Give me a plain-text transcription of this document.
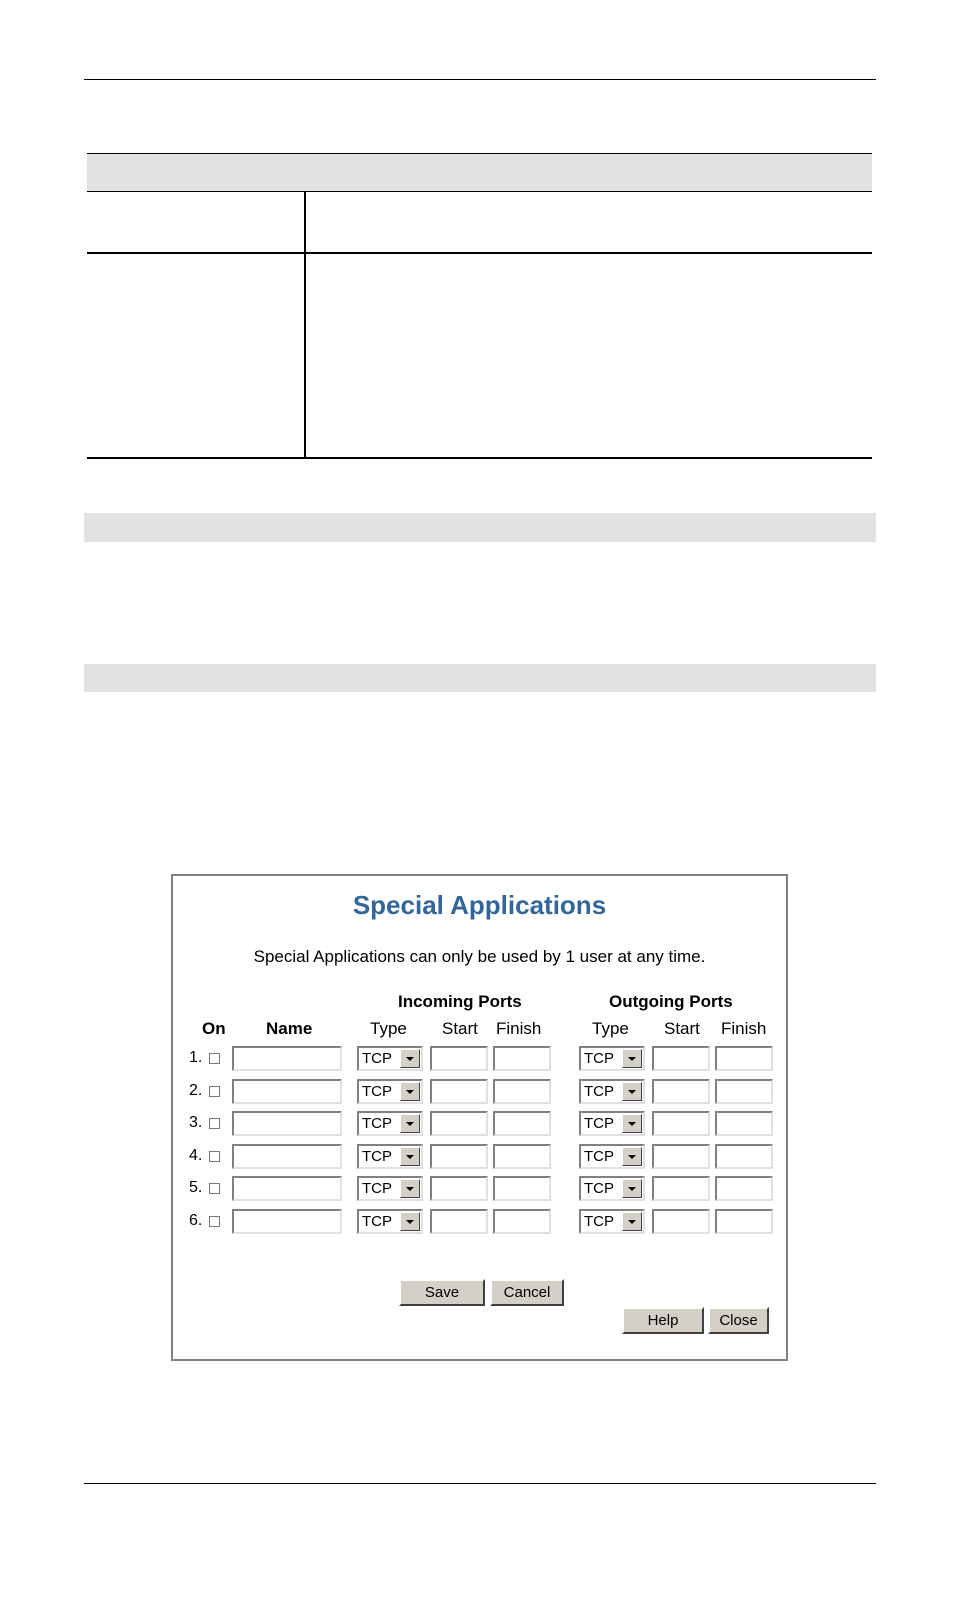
Special Applications
Special Applications can only be used by 1 user at any time.
Incoming Ports	Outgoing Ports
On Name	Type Start Finish	Type Start Finish
1.	TCP	TCP
2.	TCP	TCP
3.	TCP	TCP
4.	TCP	TCP
5.	TCP	TCP
6.	TCP	TCP
Save	Cancel
Help	Close
